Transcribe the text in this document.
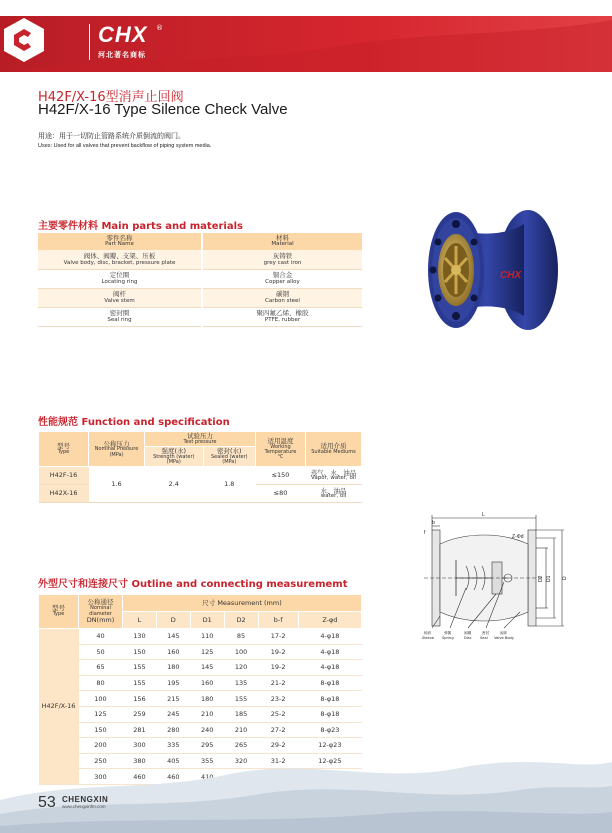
CHX ®
河北著名商标
H42F/X-16型消声止回阀
H42F/X-16 Type Silence Check Valve
用途：用于一切防止管路系统介质倒流的阀门。
Uses: Used for all valves that prevent backflow of piping system media.
主要零件材料 Main parts and materials
零件名称
Part Name	材料
Material

阀体、阀瓣、支架、压板
Valve body, disc, bracket, pressure plate	灰铸铁
grey cast iron

定位圈
Locating ring	铜合金
Copper alloy

阀杆
Valve stem	碳钢
Carbon steel

密封圈
Seal ring	聚四氟乙烯、橡胶
PTFE, rubber
CHX
性能规范 Function and specification
型号
Type	公称压力
Nominal Pressure
(MPa)	试验压力
Test pressure		适用温度
Working Temperature
℃	适用介质
Suitable Mediums

		强度(水)
Strength (water)
(MPa)	密封(水)
Sealed (water)
(MPa)		

H42F-16	1.6	2.4	1.8	≤150	蒸气、水、油品
Vapor, water, oil

H42X-16				≤80	水、油品
water, oil
L
b
f
Z-Φd
D2 D1 D
轴套
Sleeve
弹簧
Spring
阀瓣
Disc
密封
Seal
阀体
Valve Body
外型尺寸和连接尺寸 Outline and connecting measurememt
型号
Type	公称通径
Nominal
diameter
DN(mm)	尺寸 Measurement (mm)					

		L	D	D1	D2	b-f	Z-φd
H42F/X-16	40	130	145	110	85	17-2	4-φ18
	50	150	160	125	100	19-2	4-φ18
	65	155	180	145	120	19-2	4-φ18
	80	155	195	160	135	21-2	8-φ18
	100	156	215	180	155	23-2	8-φ18
	125	259	245	210	185	25-2	8-φ18
	150	281	280	240	210	27-2	8-φ23
	200	300	335	295	265	29-2	12-φ23
	250	380	405	355	320	31-2	12-φ25
	300	460	460	410			
53 CHENGXIN
www.chengxinfm.com
